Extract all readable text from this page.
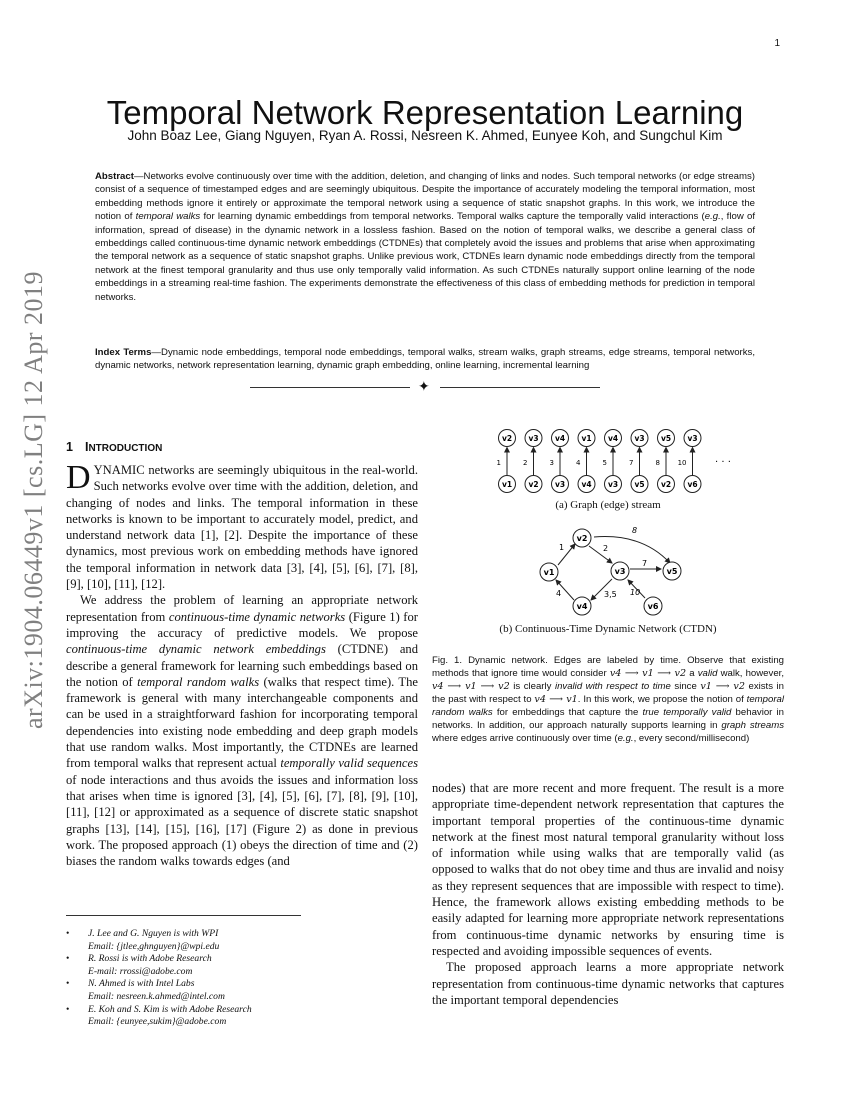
1
arXiv:1904.06449v1 [cs.LG] 12 Apr 2019
Temporal Network Representation Learning
John Boaz Lee, Giang Nguyen, Ryan A. Rossi, Nesreen K. Ahmed, Eunyee Koh, and Sungchul Kim
Abstract—Networks evolve continuously over time with the addition, deletion, and changing of links and nodes. Such temporal networks (or edge streams) consist of a sequence of timestamped edges and are seemingly ubiquitous. Despite the importance of accurately modeling the temporal information, most embedding methods ignore it entirely or approximate the temporal network using a sequence of static snapshot graphs. In this work, we introduce the notion of temporal walks for learning dynamic embeddings from temporal networks. Temporal walks capture the temporally valid interactions (e.g., flow of information, spread of disease) in the dynamic network in a lossless fashion. Based on the notion of temporal walks, we describe a general class of embeddings called continuous-time dynamic network embeddings (CTDNEs) that completely avoid the issues and problems that arise when approximating the temporal network as a sequence of static snapshot graphs. Unlike previous work, CTDNEs learn dynamic node embeddings directly from the temporal network at the finest temporal granularity and thus use only temporally valid information. As such CTDNEs naturally support online learning of the node embeddings in a streaming real-time fashion. The experiments demonstrate the effectiveness of this class of embedding methods for prediction in temporal networks.
Index Terms—Dynamic node embeddings, temporal node embeddings, temporal walks, stream walks, graph streams, edge streams, temporal networks, dynamic networks, network representation learning, dynamic graph embedding, online learning, incremental learning
✦
1 INTRODUCTION

DYNAMIC networks are seemingly ubiquitous in the real-world. Such networks evolve over time with the addition, deletion, and changing of nodes and links. The temporal information in these networks is known to be important to accurately model, predict, and understand network data [1], [2]. Despite the importance of these dynamics, most previous work on embedding methods have ignored the temporal information in network data [3], [4], [5], [6], [7], [8], [9], [10], [11], [12].

We address the problem of learning an appropriate network representation from continuous-time dynamic networks (Figure 1) for improving the accuracy of predictive models. We propose continuous-time dynamic network embeddings (CTDNE) and describe a general framework for learning such embeddings based on the notion of temporal random walks (walks that respect time). The framework is general with many interchangeable components and can be used in a straightforward fashion for incorporating temporal dependencies into existing node embedding and deep graph models that use random walks. Most importantly, the CTDNEs are learned from temporal walks that represent actual temporally valid sequences of node interactions and thus avoids the issues and information loss that arises when time is ignored [3], [4], [5], [6], [7], [8], [9], [10], [11], [12] or approximated as a sequence of discrete static snapshot graphs [13], [14], [15], [16], [17] (Figure 2) as done in previous work. The proposed approach (1) obeys the direction of time and (2) biases the random walks towards edges (and

• J. Lee and G. Nguyen is with WPI
Email: {jtlee,ghnguyen}@wpi.edu
• R. Rossi is with Adobe Research
E-mail: rrossi@adobe.com
• N. Ahmed is with Intel Labs
Email: nesreen.k.ahmed@intel.com
• E. Koh and S. Kim is with Adobe Research
Email: {eunyee,sukim}@adobe.com
v2
v1
1
v3
v2
2
v4
v3
3
v1
v4
4
v4
v3
5
v3
v5
7
v5
v2
8
v3
v6
10	· · ·
(a) Graph (edge) stream
8
1	2
7
4	3,5 10
v2
v1	v3	v5
v4	v6
(b) Continuous-Time Dynamic Network (CTDN)
Fig. 1. Dynamic network. Edges are labeled by time. Observe that existing methods that ignore time would consider v4 ⟶ v1 ⟶ v2 a valid walk, however, v4 ⟶ v1 ⟶ v2 is clearly invalid with respect to time since v1 ⟶ v2 exists in the past with respect to v4 ⟶ v1. In this work, we propose the notion of temporal random walks for embeddings that capture the true temporally valid behavior in networks. In addition, our approach naturally supports learning in graph streams where edges arrive continuously over time (e.g., every second/millisecond)

nodes) that are more recent and more frequent. The result is a more appropriate time-dependent network representation that captures the important temporal properties of the continuous-time dynamic network at the finest most natural temporal granularity without loss of information while using walks that are temporally valid (as opposed to walks that do not obey time and thus are invalid and noisy as they represent sequences that are impossible with respect to time). Hence, the framework allows existing embedding methods to be easily adapted for learning more appropriate network representations from continuous-time dynamic networks by ensuring time is respected and avoiding impossible sequences of events.

The proposed approach learns a more appropriate network representation from continuous-time dynamic networks that captures the important temporal dependencies
